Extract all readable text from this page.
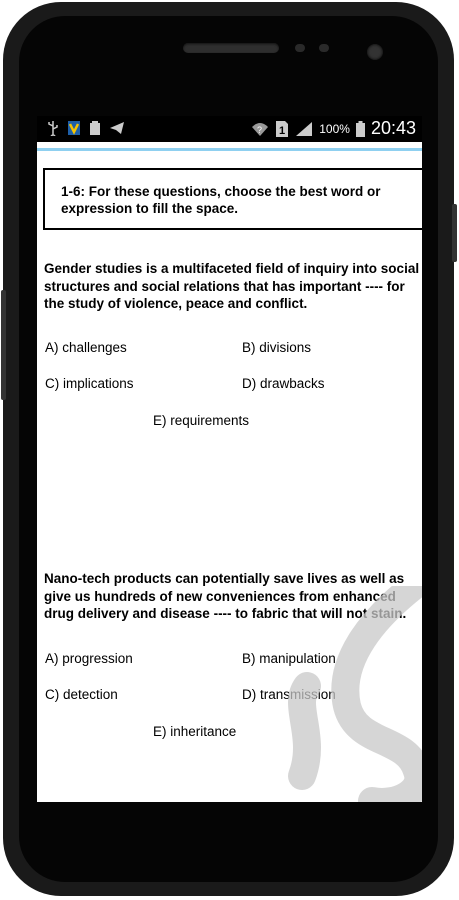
? 1	100% 20:43
1-6: For these questions, choose the best word or expression to fill the space.
Gender studies is a multifaceted field of inquiry into social structures and social relations that has important ---- for the study of violence, peace and conflict.
A) challenges	B) divisions
C) implications	D) drawbacks
E) requirements
Nano-tech products can potentially save lives as well as give us hundreds of new conveniences from enhanced drug delivery and disease ---- to fabric that will not stain.
A) progression	B) manipulation
C) detection	D) transmission
E) inheritance
